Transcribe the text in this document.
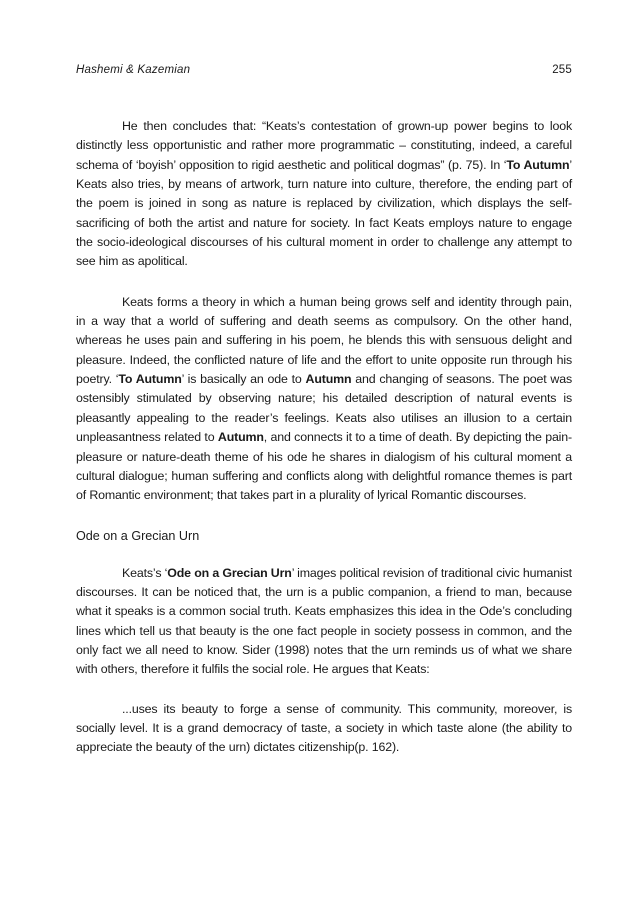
Hashemi & Kazemian	255

He then concludes that: “Keats’s contestation of grown-up power begins to look distinctly less opportunistic and rather more programmatic – constituting, indeed, a careful schema of ‘boyish’ opposition to rigid aesthetic and political dogmas” (p. 75). In ‘To Autumn’ Keats also tries, by means of artwork, turn nature into culture, therefore, the ending part of the poem is joined in song as nature is replaced by civilization, which displays the self-sacrificing of both the artist and nature for society. In fact Keats employs nature to engage the socio-ideological discourses of his cultural moment in order to challenge any attempt to see him as apolitical.

Keats forms a theory in which a human being grows self and identity through pain, in a way that a world of suffering and death seems as compulsory. On the other hand, whereas he uses pain and suffering in his poem, he blends this with sensuous delight and pleasure. Indeed, the conflicted nature of life and the effort to unite opposite run through his poetry. ‘To Autumn’ is basically an ode to Autumn and changing of seasons. The poet was ostensibly stimulated by observing nature; his detailed description of natural events is pleasantly appealing to the reader’s feelings. Keats also utilises an illusion to a certain unpleasantness related to Autumn, and connects it to a time of death. By depicting the pain- pleasure or nature-death theme of his ode he shares in dialogism of his cultural moment a cultural dialogue; human suffering and conflicts along with delightful romance themes is part of Romantic environment; that takes part in a plurality of lyrical Romantic discourses.

Ode on a Grecian Urn

Keats’s ‘Ode on a Grecian Urn’ images political revision of traditional civic humanist discourses. It can be noticed that, the urn is a public companion, a friend to man, because what it speaks is a common social truth. Keats emphasizes this idea in the Ode’s concluding lines which tell us that beauty is the one fact people in society possess in common, and the only fact we all need to know. Sider (1998) notes that the urn reminds us of what we share with others, therefore it fulfils the social role. He argues that Keats:

...uses its beauty to forge a sense of community. This community, moreover, is socially level. It is a grand democracy of taste, a society in which taste alone (the ability to appreciate the beauty of the urn) dictates citizenship(p. 162).
